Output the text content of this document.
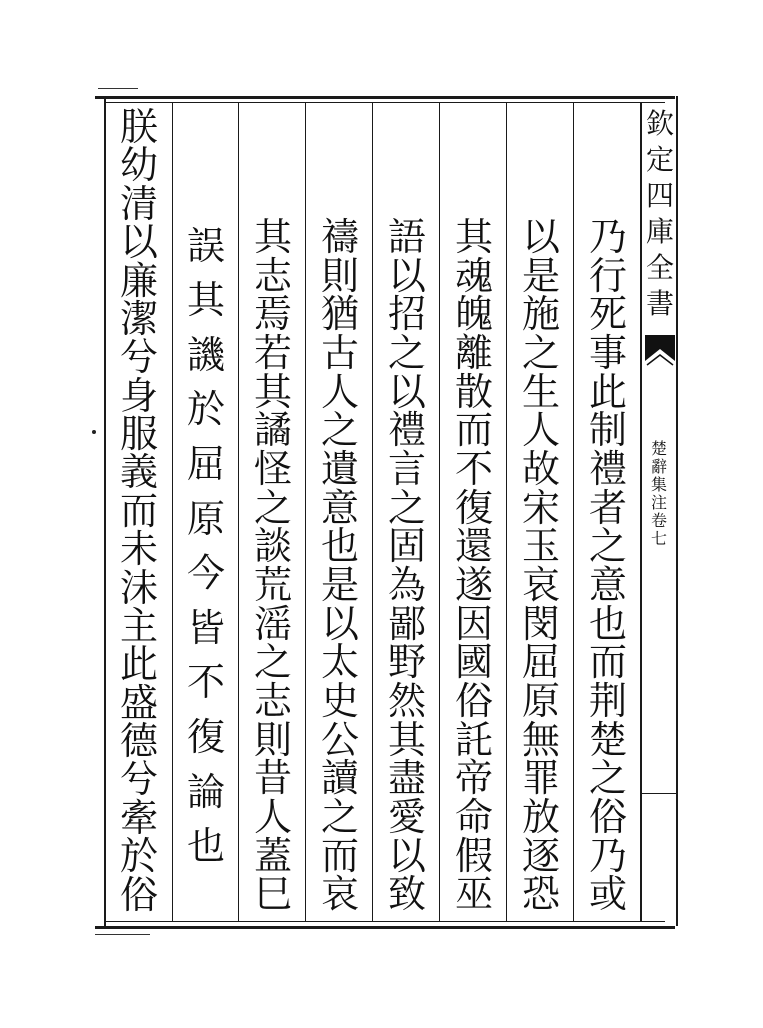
欽
定
四
庫
全
書
楚
辭
集
注
卷
七
乃
行
死
事
此
制
禮
者
之
意
也
而
荆
楚
之
俗
乃
或
以
是
施
之
生
人
故
宋
玉
哀
閔
屈
原
無
罪
放
逐
恐
其
魂
魄
離
散
而
不
復
還
遂
因
國
俗
託
帝
命
假
巫
語
以
招
之
以
禮
言
之
固
為
鄙
野
然
其
盡
愛
以
致
禱
則
猶
古
人
之
遺
意
也
是
以
太
史
公
讀
之
而
哀
其
志
焉
若
其
譎
怪
之
談
荒
滛
之
志
則
昔
人
蓋
巳
誤
其
譏
於
屈
原
今
皆
不
復
論
也
朕
幼
清
以
廉
潔
兮
身
服
義
而
未
沬
主
此
盛
德
兮
牽
於
俗
